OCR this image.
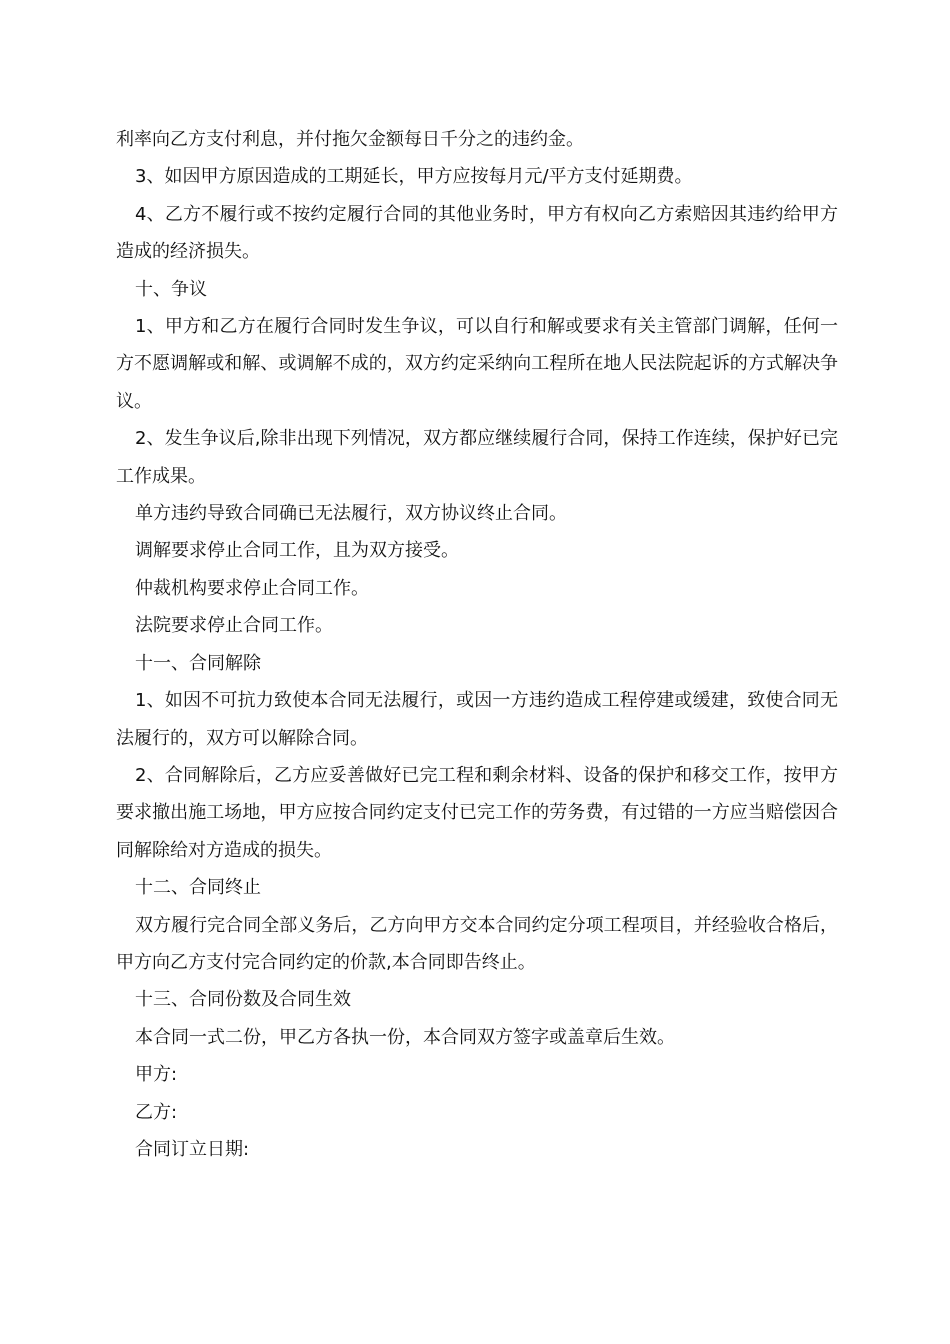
利率向乙方支付利息，并付拖欠金额每日千分之的违约金。

3、如因甲方原因造成的工期延长，甲方应按每月元/平方支付延期费。

4、乙方不履行或不按约定履行合同的其他业务时，甲方有权向乙方索赔因其违约给甲方造成的经济损失。

十、争议

1、甲方和乙方在履行合同时发生争议，可以自行和解或要求有关主管部门调解，任何一方不愿调解或和解、或调解不成的，双方约定采纳向工程所在地人民法院起诉的方式解决争议。

2、发生争议后,除非出现下列情况，双方都应继续履行合同，保持工作连续，保护好已完工作成果。

单方违约导致合同确已无法履行，双方协议终止合同。

调解要求停止合同工作，且为双方接受。

仲裁机构要求停止合同工作。

法院要求停止合同工作。

十一、合同解除

1、如因不可抗力致使本合同无法履行，或因一方违约造成工程停建或缓建，致使合同无法履行的，双方可以解除合同。

2、合同解除后，乙方应妥善做好已完工程和剩余材料、设备的保护和移交工作，按甲方要求撤出施工场地，甲方应按合同约定支付已完工作的劳务费，有过错的一方应当赔偿因合同解除给对方造成的损失。

十二、合同终止

双方履行完合同全部义务后，乙方向甲方交本合同约定分项工程项目，并经验收合格后，甲方向乙方支付完合同约定的价款,本合同即告终止。

十三、合同份数及合同生效

本合同一式二份，甲乙方各执一份，本合同双方签字或盖章后生效。

甲方:

乙方:

合同订立日期:
